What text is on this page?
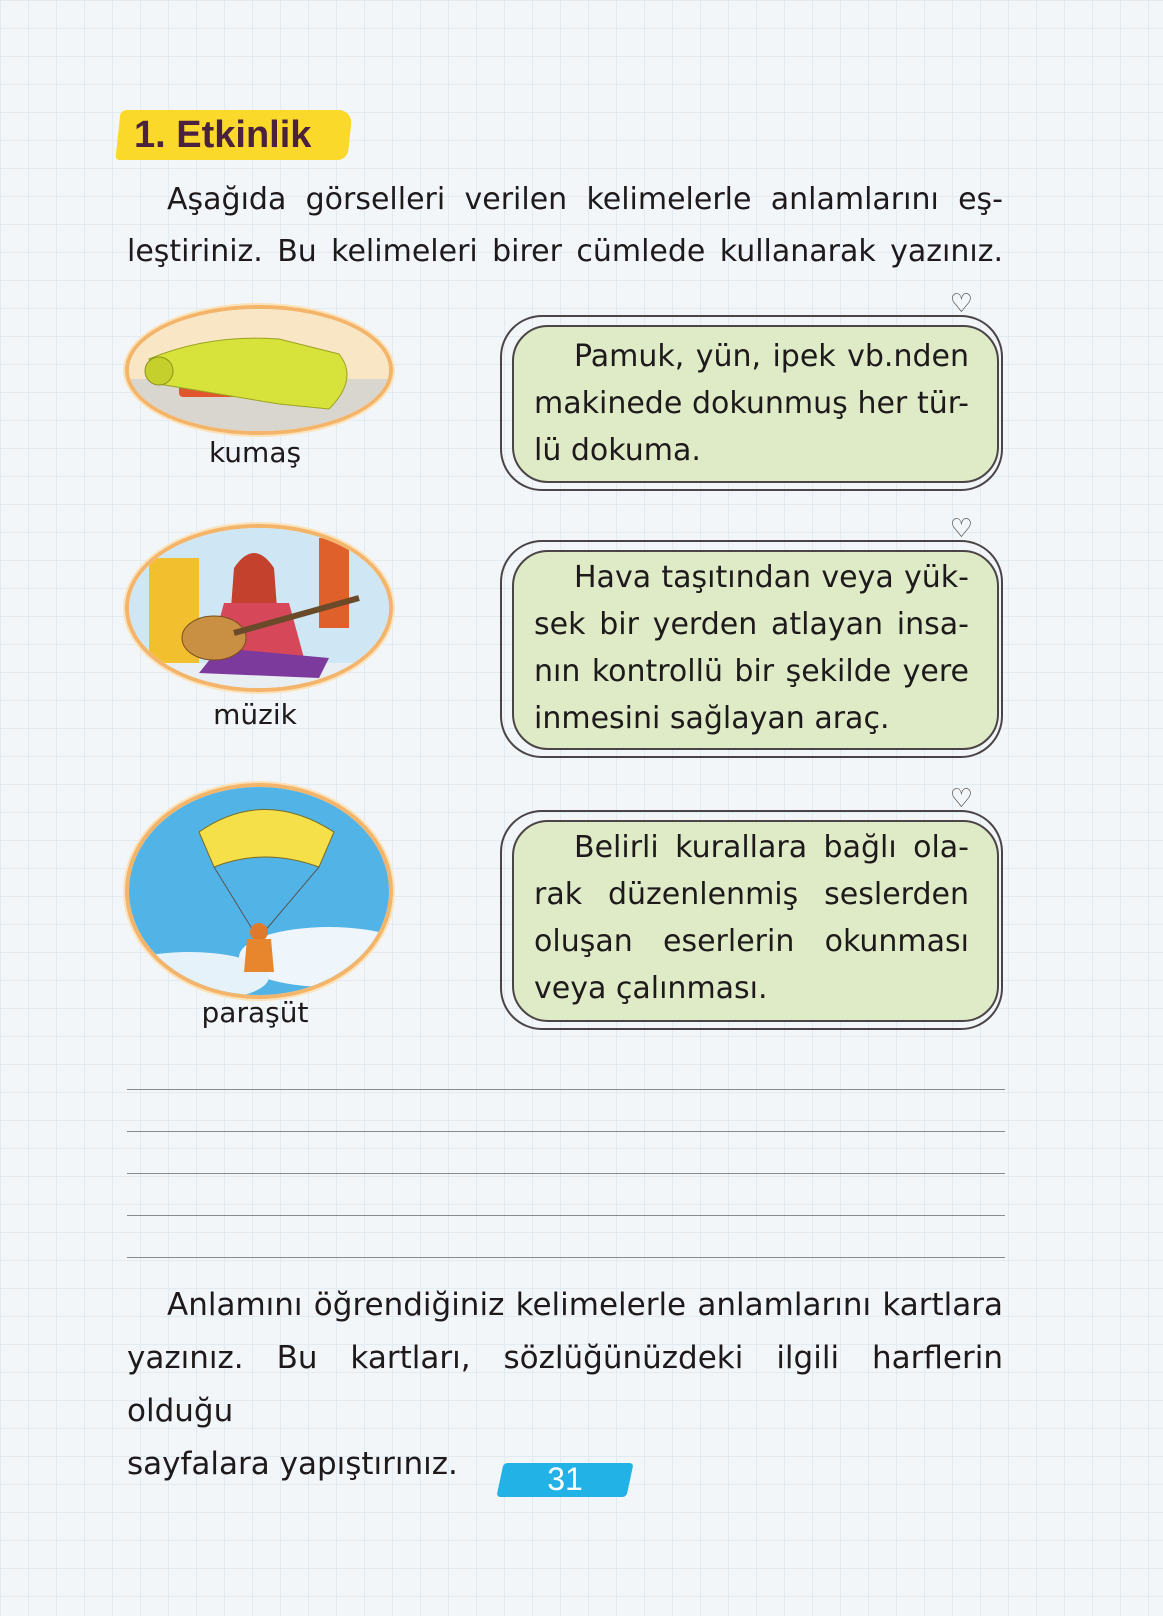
1. Etkinlik
Aşağıda görselleri verilen kelimelerle anlamlarını eş-
leştiriniz. Bu kelimeleri birer cümlede kullanarak yazınız.
kumaş
müzik
paraşüt
♡
Pamuk, yün, ipek vb.nden
makinede dokunmuş her tür-
lü dokuma.
♡
Hava taşıtından veya yük-
sek bir yerden atlayan insa-
nın kontrollü bir şekilde yere
inmesini sağlayan araç.
♡
Belirli kurallara bağlı ola-
rak düzenlenmiş seslerden
oluşan eserlerin okunması
veya çalınması.
Anlamını öğrendiğiniz kelimelerle anlamlarını kartlara
yazınız. Bu kartları, sözlüğünüzdeki ilgili harflerin olduğu
sayfalara yapıştırınız.	31
